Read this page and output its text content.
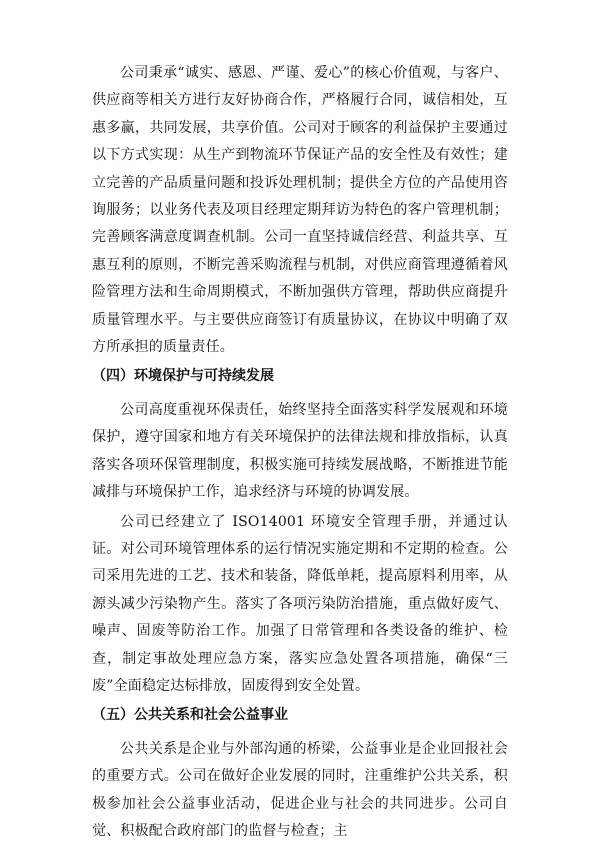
公司秉承“诚实、感恩、严谨、爱心”的核心价值观，与客户、供应商等相关方进行友好协商合作，严格履行合同，诚信相处，互惠多赢，共同发展，共享价值。公司对于顾客的利益保护主要通过以下方式实现：从生产到物流环节保证产品的安全性及有效性；建立完善的产品质量问题和投诉处理机制；提供全方位的产品使用咨询服务；以业务代表及项目经理定期拜访为特色的客户管理机制；完善顾客满意度调查机制。公司一直坚持诚信经营、利益共享、互惠互利的原则，不断完善采购流程与机制，对供应商管理遵循着风险管理方法和生命周期模式，不断加强供方管理，帮助供应商提升质量管理水平。与主要供应商签订有质量协议，在协议中明确了双方所承担的质量责任。

（四）环境保护与可持续发展

公司高度重视环保责任，始终坚持全面落实科学发展观和环境保护，遵守国家和地方有关环境保护的法律法规和排放指标，认真落实各项环保管理制度，积极实施可持续发展战略，不断推进节能减排与环境保护工作，追求经济与环境的协调发展。

公司已经建立了 ISO14001 环境安全管理手册，并通过认证。对公司环境管理体系的运行情况实施定期和不定期的检查。公司采用先进的工艺、技术和装备，降低单耗，提高原料利用率，从源头减少污染物产生。落实了各项污染防治措施，重点做好废气、噪声、固废等防治工作。加强了日常管理和各类设备的维护、检查，制定事故处理应急方案，落实应急处置各项措施，确保“三废”全面稳定达标排放，固废得到安全处置。

（五）公共关系和社会公益事业

公共关系是企业与外部沟通的桥梁，公益事业是企业回报社会的重要方式。公司在做好企业发展的同时，注重维护公共关系，积极参加社会公益事业活动，促进企业与社会的共同进步。公司自觉、积极配合政府部门的监督与检查；主
